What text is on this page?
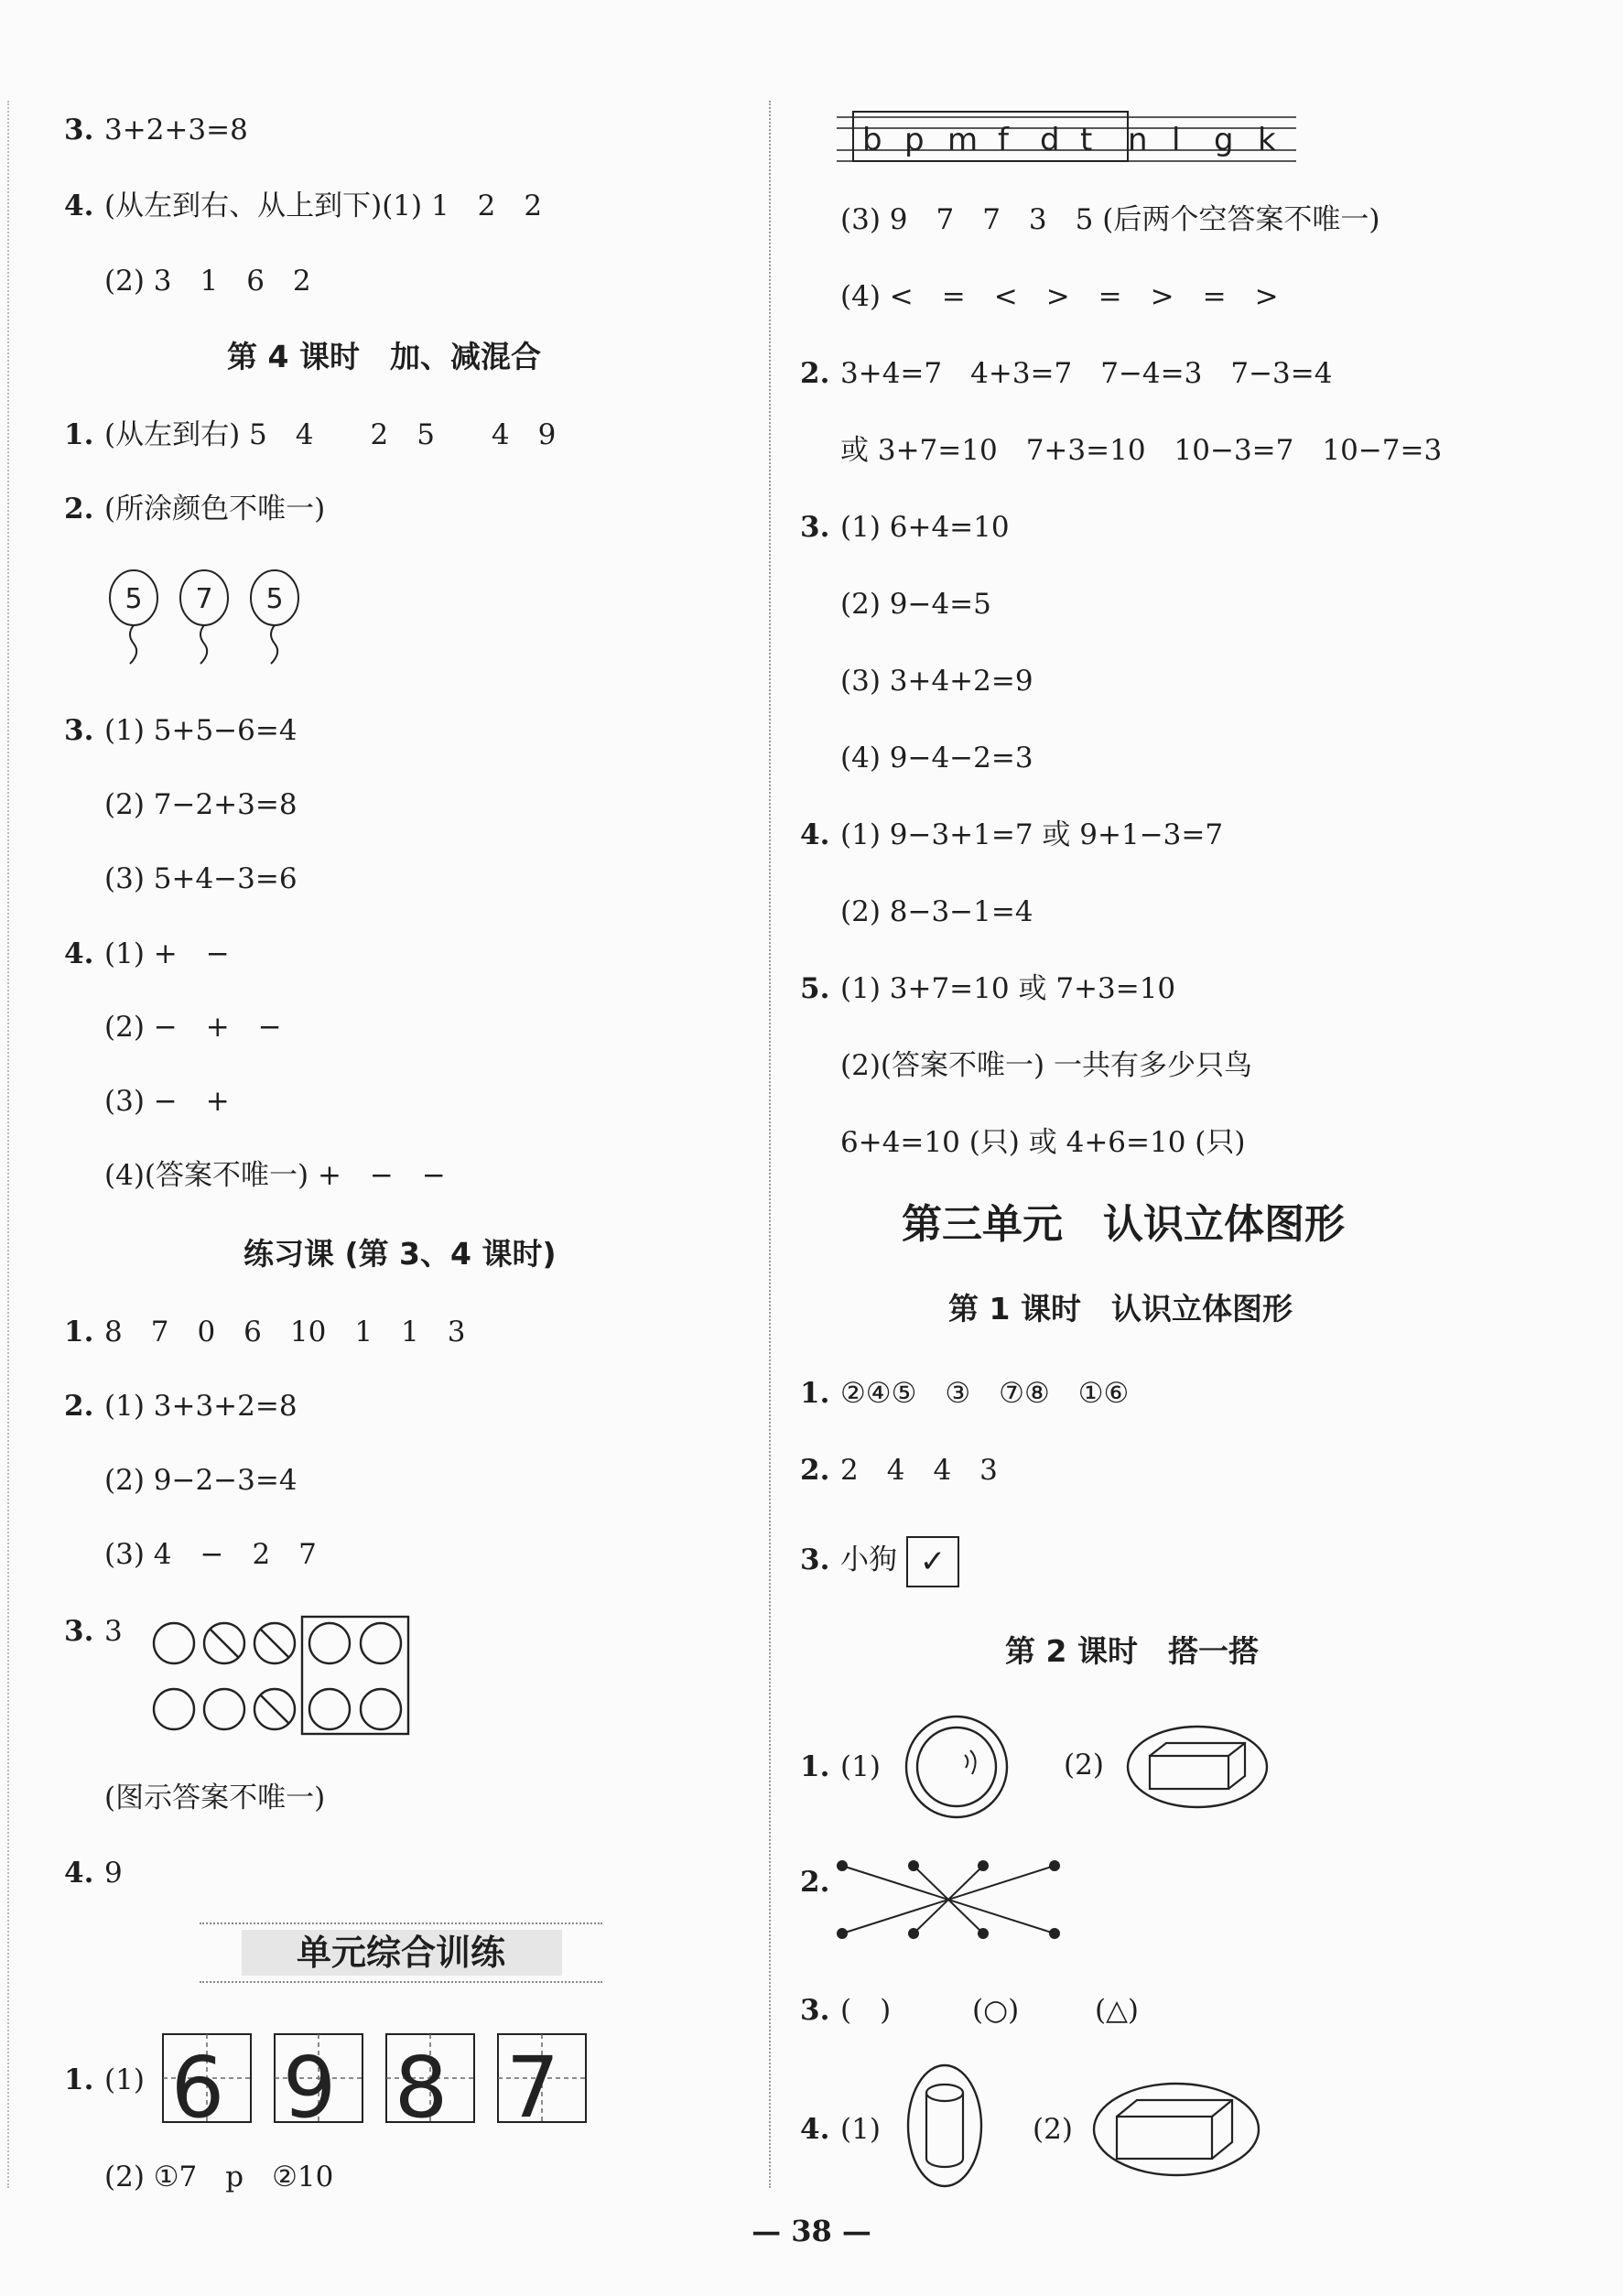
3. 3+2+3=8
4. (从左到右、从上到下)(1) 1　2　2
(2) 3　1　6　2
第 4 课时　加、减混合
1. (从左到右) 5　4　　2　5　　4　9
2. (所涂颜色不唯一)
5 7 5
3. (1) 5+5−6=4
(2) 7−2+3=8
(3) 5+4−3=6
4. (1) +　−
(2) −　+　−
(3) −　+
(4)(答案不唯一) +　−　−
练习课 (第 3、4 课时)
1. 8　7　0　6　10　1　1　3
2. (1) 3+3+2=8
(2) 9−2−3=4
(3) 4　−　2　7
3. 3
(图示答案不唯一)
4. 9
单元综合训练
1. (1) 6 9 8 7
(2) ①7　p　②10
b p m f d t n l g k
(3) 9　7　7　3　5 (后两个空答案不唯一)
(4) <　=　<　>　=　>　=　>
2. 3+4=7　4+3=7　7−4=3　7−3=4
或 3+7=10　7+3=10　10−3=7　10−7=3
3. (1) 6+4=10
(2) 9−4=5
(3) 3+4+2=9
(4) 9−4−2=3
4. (1) 9−3+1=7 或 9+1−3=7
(2) 8−3−1=4
5. (1) 3+7=10 或 7+3=10
(2)(答案不唯一) 一共有多少只鸟
6+4=10 (只) 或 4+6=10 (只)
第三单元　认识立体图形
第 1 课时　认识立体图形
1. ②④⑤　③　⑦⑧　①⑥
2. 2　4　4　3
3. 小狗 ✓
第 2 课时　搭一搭
1. (1)	(2)
2.
3. (　)	(○)	(△)
4. (1)	(2)
— 38 —
